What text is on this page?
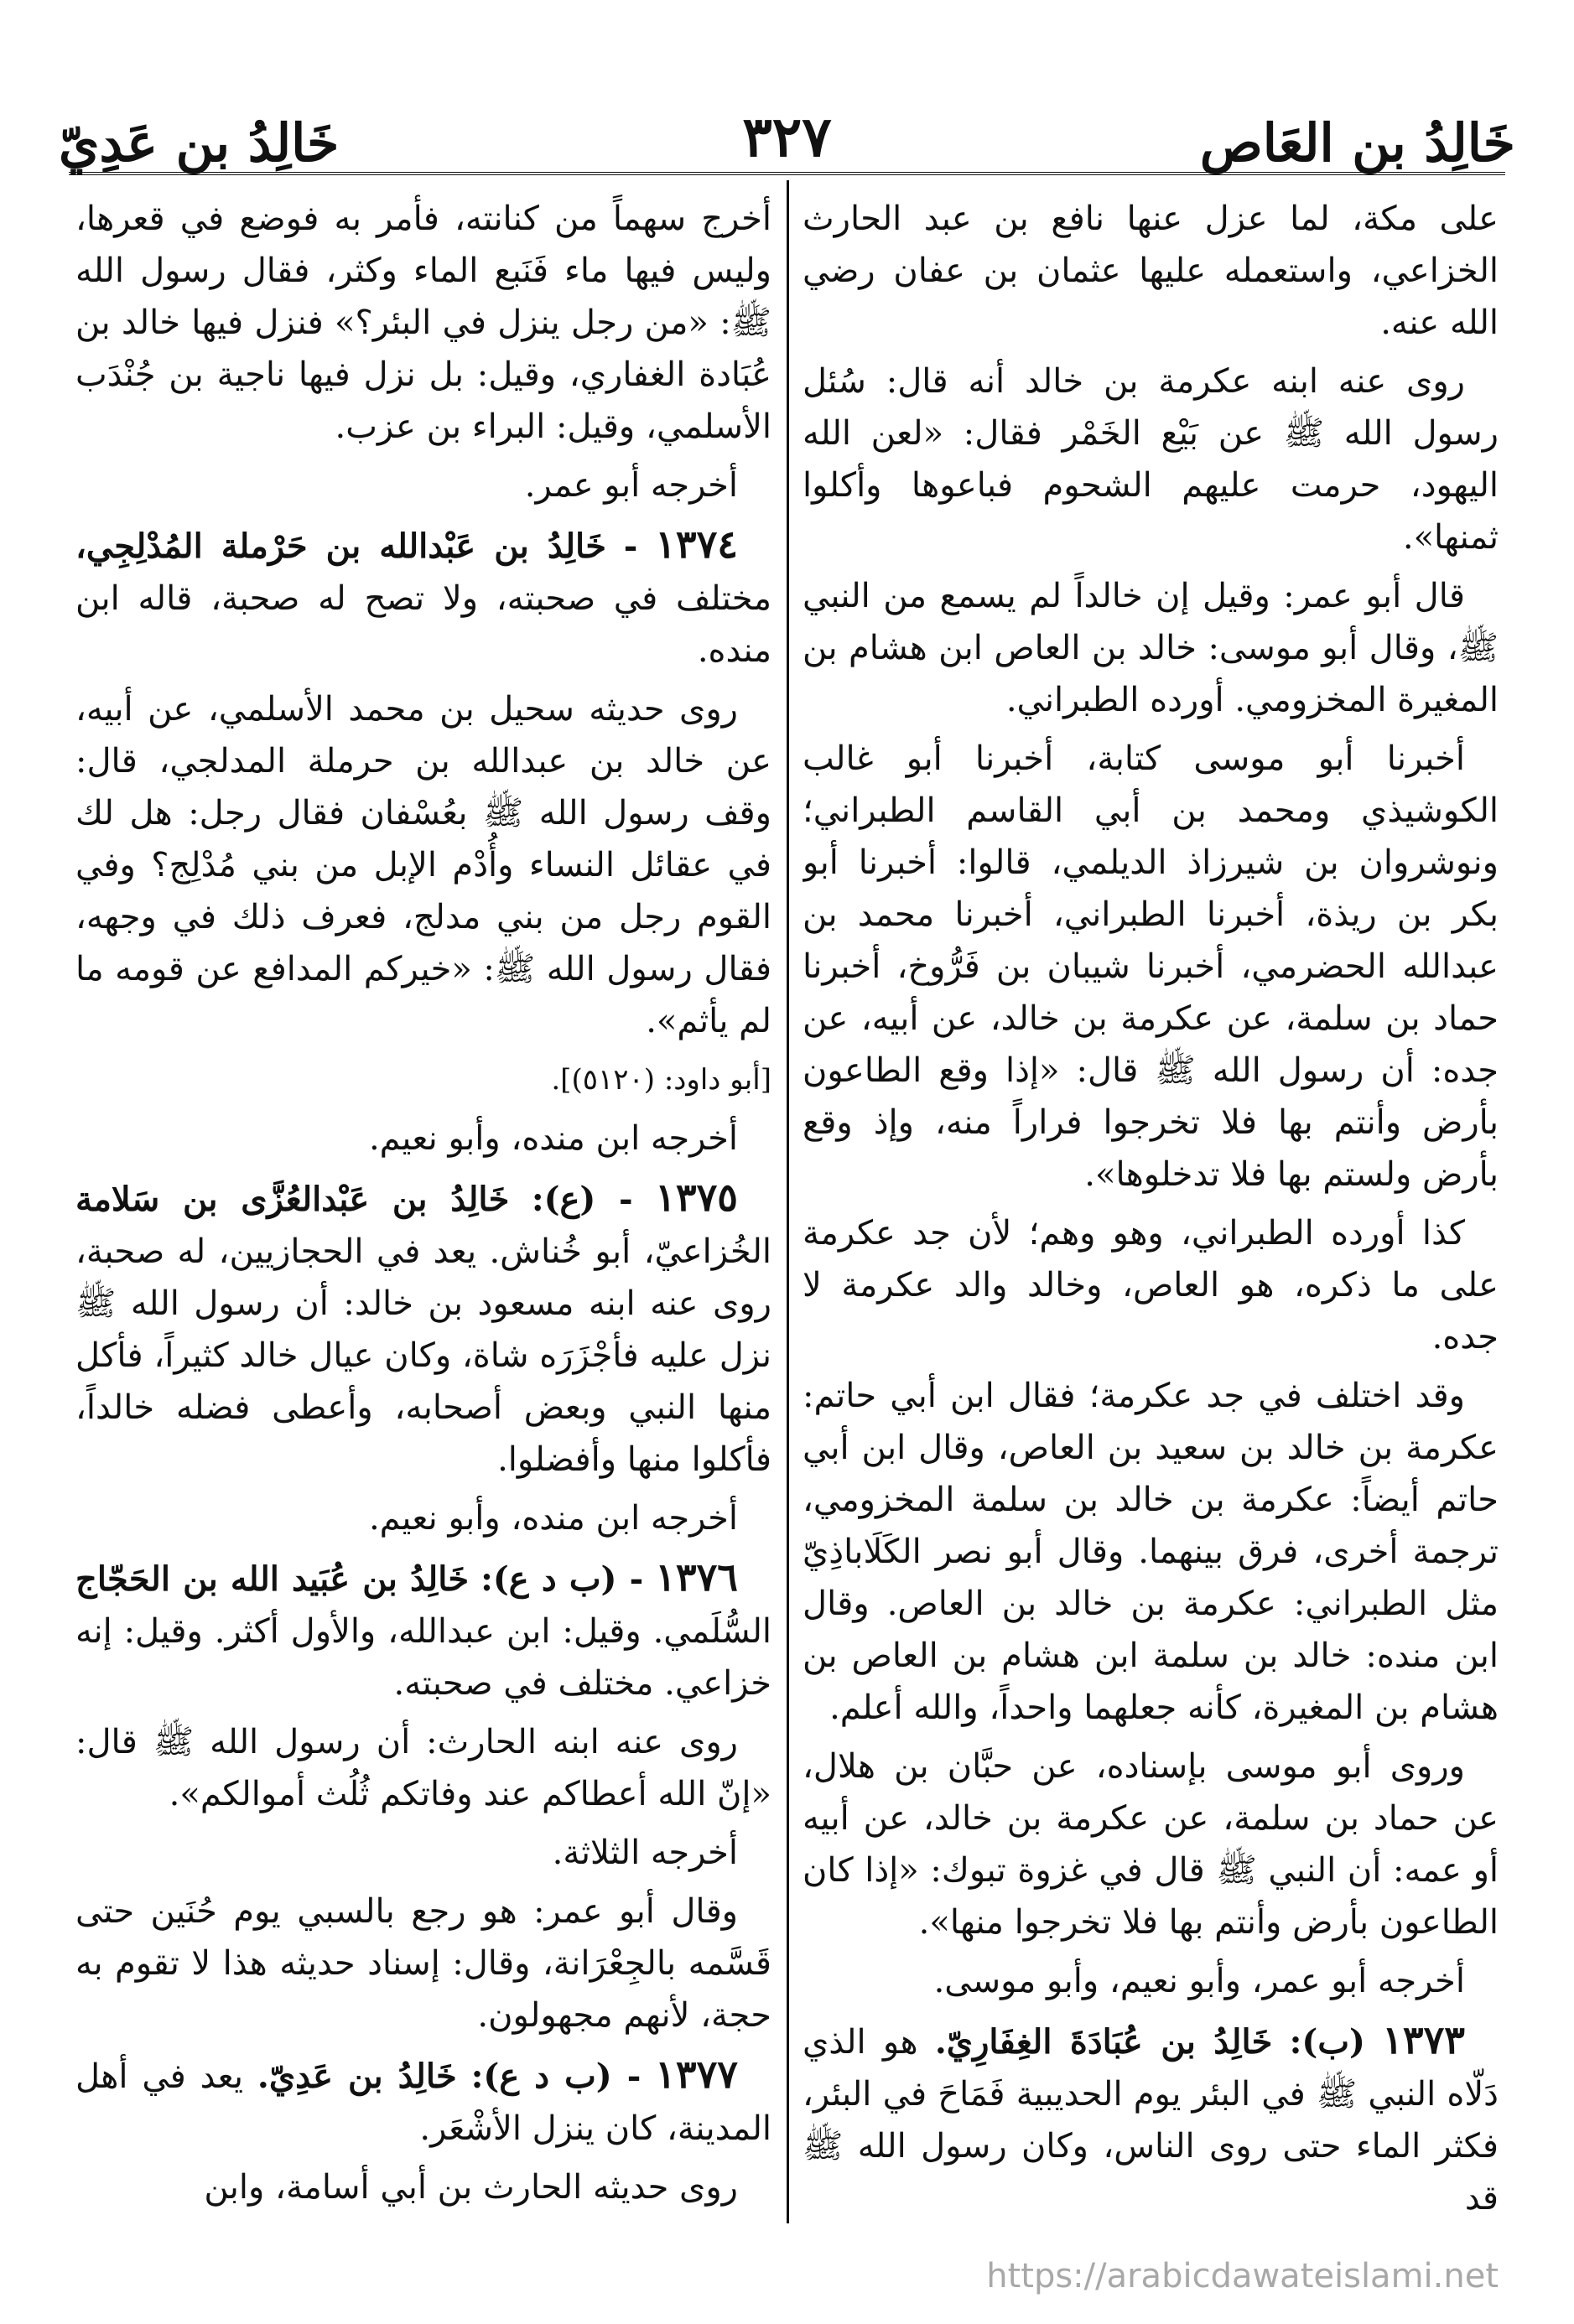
خَالِدُ بن العَاص
٣٢٧
خَالِدُ بن عَدِيّ

على مكة، لما عزل عنها نافع بن عبد الحارث الخزاعي، واستعمله عليها عثمان بن عفان رضي الله عنه.

روى عنه ابنه عكرمة بن خالد أنه قال: سُئل رسول الله ﷺ عن بَيْع الخَمْر فقال: «لعن الله اليهود، حرمت عليهم الشحوم فباعوها وأكلوا ثمنها».

قال أبو عمر: وقيل إن خالداً لم يسمع من النبي ﷺ، وقال أبو موسى: خالد بن العاص ابن هشام بن المغيرة المخزومي. أورده الطبراني.

أخبرنا أبو موسى كتابة، أخبرنا أبو غالب الكوشيذي ومحمد بن أبي القاسم الطبراني؛ ونوشروان بن شيرزاذ الديلمي، قالوا: أخبرنا أبو بكر بن ريذة، أخبرنا الطبراني، أخبرنا محمد بن عبدالله الحضرمي، أخبرنا شيبان بن فَرُّوخ، أخبرنا حماد بن سلمة، عن عكرمة بن خالد، عن أبيه، عن جده: أن رسول الله ﷺ قال: «إذا وقع الطاعون بأرض وأنتم بها فلا تخرجوا فراراً منه، وإذ وقع بأرض ولستم بها فلا تدخلوها».

كذا أورده الطبراني، وهو وهم؛ لأن جد عكرمة على ما ذكره، هو العاص، وخالد والد عكرمة لا جده.

وقد اختلف في جد عكرمة؛ فقال ابن أبي حاتم: عكرمة بن خالد بن سعيد بن العاص، وقال ابن أبي حاتم أيضاً: عكرمة بن خالد بن سلمة المخزومي، ترجمة أخرى، فرق بينهما. وقال أبو نصر الكَلَاباذِيّ مثل الطبراني: عكرمة بن خالد بن العاص. وقال ابن منده: خالد بن سلمة ابن هشام بن العاص بن هشام بن المغيرة، كأنه جعلهما واحداً، والله أعلم.

وروى أبو موسى بإسناده، عن حبَّان بن هلال، عن حماد بن سلمة، عن عكرمة بن خالد، عن أبيه أو عمه: أن النبي ﷺ قال في غزوة تبوك: «إذا كان الطاعون بأرض وأنتم بها فلا تخرجوا منها».

أخرجه أبو عمر، وأبو نعيم، وأبو موسى.

١٣٧٣ (ب): خَالِدُ بن عُبَادَةَ الغِفَارِيّ. هو الذي دَلّاه النبي ﷺ في البئر يوم الحديبية فَمَاحَ في البئر، فكثر الماء حتى روى الناس، وكان رسول الله ﷺ قد

أخرج سهماً من كنانته، فأمر به فوضع في قعرها، وليس فيها ماء فَنَبع الماء وكثر، فقال رسول الله ﷺ: «من رجل ينزل في البئر؟» فنزل فيها خالد بن عُبَادة الغفاري، وقيل: بل نزل فيها ناجية بن جُنْدَب الأسلمي، وقيل: البراء بن عزب.

أخرجه أبو عمر.

١٣٧٤ - خَالِدُ بن عَبْدالله بن حَرْملة المُدْلِجِي، مختلف في صحبته، ولا تصح له صحبة، قاله ابن منده.

روى حديثه سحيل بن محمد الأسلمي، عن أبيه، عن خالد بن عبدالله بن حرملة المدلجي، قال: وقف رسول الله ﷺ بعُسْفان فقال رجل: هل لك في عقائل النساء وأُدْم الإبل من بني مُدْلِج؟ وفي القوم رجل من بني مدلج، فعرف ذلك في وجهه، فقال رسول الله ﷺ: «خيركم المدافع عن قومه ما لم يأثم».

[أبو داود: (٥١٢٠)].

أخرجه ابن منده، وأبو نعيم.

١٣٧٥ - (ع): خَالِدُ بن عَبْدالعُزَّى بن سَلامة الخُزاعيّ، أبو خُناش. يعد في الحجازيين، له صحبة، روى عنه ابنه مسعود بن خالد: أن رسول الله ﷺ نزل عليه فأجْزَرَه شاة، وكان عيال خالد كثيراً، فأكل منها النبي وبعض أصحابه، وأعطى فضله خالداً، فأكلوا منها وأفضلوا.

أخرجه ابن منده، وأبو نعيم.

١٣٧٦ - (ب د ع): خَالِدُ بن عُبَيد الله بن الحَجّاج السُّلَمي. وقيل: ابن عبدالله، والأول أكثر. وقيل: إنه خزاعي. مختلف في صحبته.

روى عنه ابنه الحارث: أن رسول الله ﷺ قال: «إنّ الله أعطاكم عند وفاتكم ثُلُث أموالكم».

أخرجه الثلاثة.

وقال أبو عمر: هو رجع بالسبي يوم حُنَين حتى قَسَّمه بالجِعْرَانة، وقال: إسناد حديثه هذا لا تقوم به حجة، لأنهم مجهولون.

١٣٧٧ - (ب د ع): خَالِدُ بن عَدِيّ. يعد في أهل المدينة، كان ينزل الأشْعَر.

روى حديثه الحارث بن أبي أسامة، وابن

https://arabicdawateislami.net
